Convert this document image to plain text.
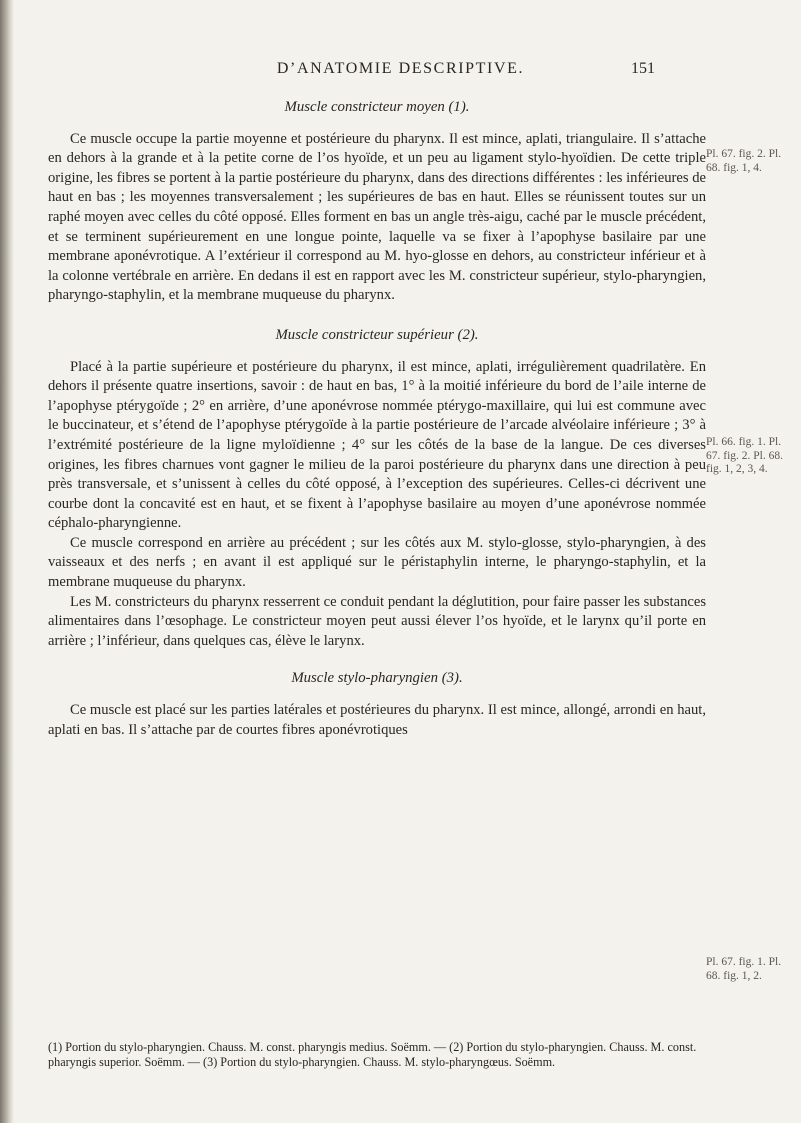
D’ANATOMIE DESCRIPTIVE.	151
Muscle constricteur moyen (1).

Ce muscle occupe la partie moyenne et postérieure du pharynx. Il est mince, aplati, triangulaire. Il s’attache en dehors à la grande et à la petite corne de l’os hyoïde, et un peu au ligament stylo-hyoïdien. De cette triple origine, les fibres se portent à la partie postérieure du pharynx, dans des directions différentes : les inférieures de haut en bas ; les moyennes transversalement ; les supérieures de bas en haut. Elles se réunissent toutes sur un raphé moyen avec celles du côté opposé. Elles forment en bas un angle très-aigu, caché par le muscle précédent, et se terminent supérieurement en une longue pointe, laquelle va se fixer à l’apophyse basilaire par une membrane aponévrotique. A l’extérieur il correspond au M. hyo-glosse en dehors, au constricteur inférieur et à la colonne vertébrale en arrière. En dedans il est en rapport avec les M. constricteur supérieur, stylo-pharyngien, pharyngo-staphylin, et la membrane muqueuse du pharynx.

Muscle constricteur supérieur (2).

Placé à la partie supérieure et postérieure du pharynx, il est mince, aplati, irrégulièrement quadrilatère. En dehors il présente quatre insertions, savoir : de haut en bas, 1° à la moitié inférieure du bord de l’aile interne de l’apophyse ptérygoïde ; 2° en arrière, d’une aponévrose nommée ptérygo-maxillaire, qui lui est commune avec le buccinateur, et s’étend de l’apophyse ptérygoïde à la partie postérieure de l’arcade alvéolaire inférieure ; 3° à l’extrémité postérieure de la ligne myloïdienne ; 4° sur les côtés de la base de la langue. De ces diverses origines, les fibres charnues vont gagner le milieu de la paroi postérieure du pharynx dans une direction à peu près transversale, et s’unissent à celles du côté opposé, à l’exception des supérieures. Celles-ci décrivent une courbe dont la concavité est en haut, et se fixent à l’apophyse basilaire au moyen d’une aponévrose nommée céphalo-pharyngienne.

Ce muscle correspond en arrière au précédent ; sur les côtés aux M. stylo-glosse, stylo-pharyngien, à des vaisseaux et des nerfs ; en avant il est appliqué sur le péristaphylin interne, le pharyngo-staphylin, et la membrane muqueuse du pharynx.

Les M. constricteurs du pharynx resserrent ce conduit pendant la déglutition, pour faire passer les substances alimentaires dans l’œsophage. Le constricteur moyen peut aussi élever l’os hyoïde, et le larynx qu’il porte en arrière ; l’inférieur, dans quelques cas, élève le larynx.

Muscle stylo-pharyngien (3).

Ce muscle est placé sur les parties latérales et postérieures du pharynx. Il est mince, allongé, arrondi en haut, aplati en bas. Il s’attache par de courtes fibres aponévrotiques

Pl. 67. fig. 2. Pl. 68. fig. 1, 4.
Pl. 66. fig. 1. Pl. 67. fig. 2. Pl. 68. fig. 1, 2, 3, 4.
Pl. 67. fig. 1. Pl. 68. fig. 1, 2.

(1) Portion du stylo-pharyngien. Chauss. M. const. pharyngis medius. Soëmm. — (2) Portion du stylo-pharyngien. Chauss. M. const. pharyngis superior. Soëmm. — (3) Portion du stylo-pharyngien. Chauss. M. stylo-pharyngœus. Soëmm.
